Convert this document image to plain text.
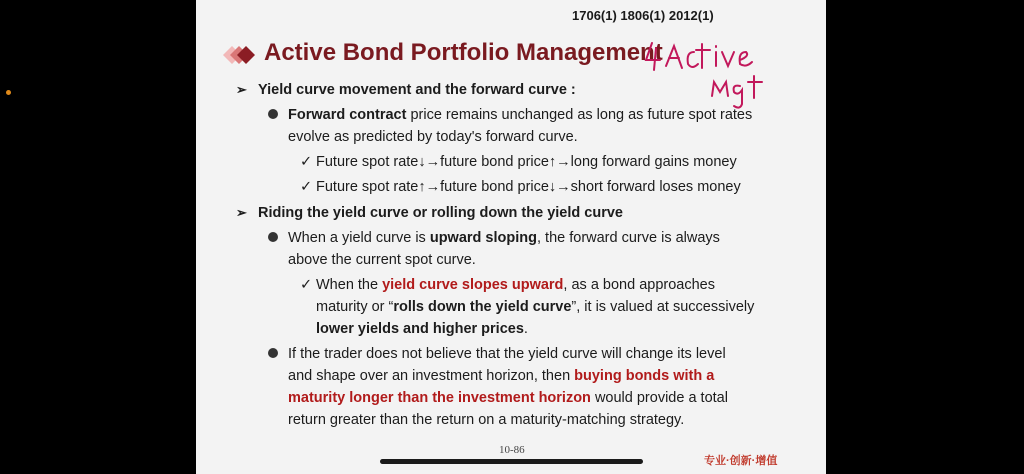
1706(1) 1806(1) 2012(1)
Active Bond Portfolio Management
➢ Yield curve movement and the forward curve :
Forward contract price remains unchanged as long as future spot rates
evolve as predicted by today's forward curve.
✓ Future spot rate↓→future bond price↑→long forward gains money
✓ Future spot rate↑→future bond price↓→short forward loses money
➢ Riding the yield curve or rolling down the yield curve
When a yield curve is upward sloping, the forward curve is always
above the current spot curve.
✓ When the yield curve slopes upward, as a bond approaches
maturity or “rolls down the yield curve”, it is valued at successively
lower yields and higher prices.
If the trader does not believe that the yield curve will change its level
and shape over an investment horizon, then buying bonds with a
maturity longer than the investment horizon would provide a total
return greater than the return on a maturity-matching strategy.
10-86
专业·创新·增值
